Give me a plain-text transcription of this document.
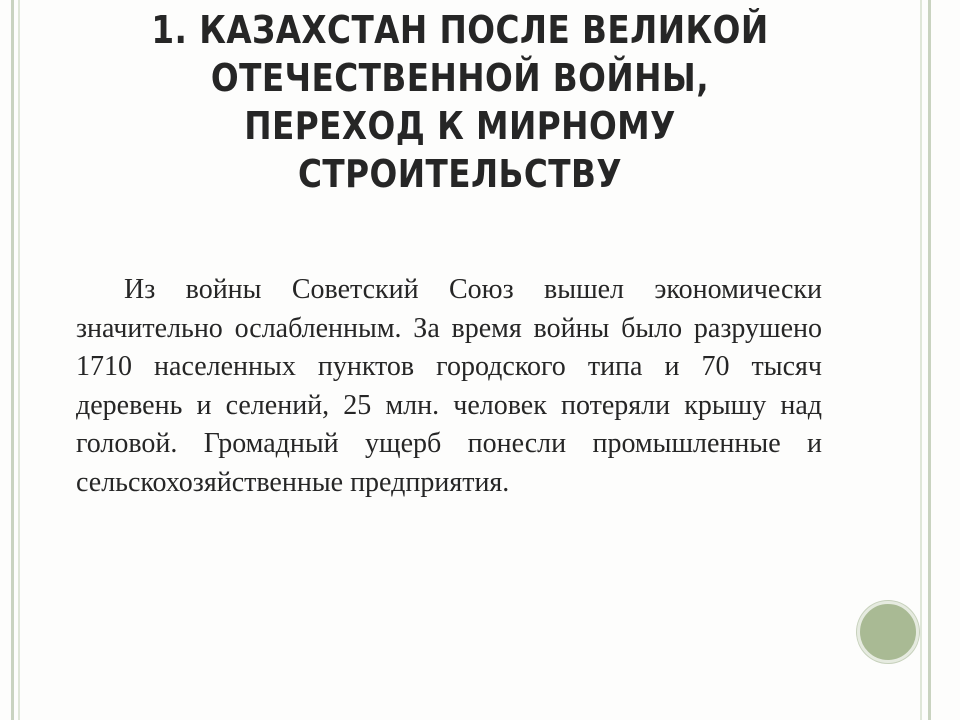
1. КАЗАХСТАН ПОСЛЕ ВЕЛИКОЙ ОТЕЧЕСТВЕННОЙ ВОЙНЫ, ПЕРЕХОД К МИРНОМУ СТРОИТЕЛЬСТВУ

Из войны Советский Союз вышел экономически значительно ослабленным. За время войны было разрушено 1710 населенных пунктов городского типа и 70 тысяч деревень и селений, 25 млн. человек потеряли крышу над головой. Громадный ущерб понесли промышленные и сельскохозяйственные предприятия.
